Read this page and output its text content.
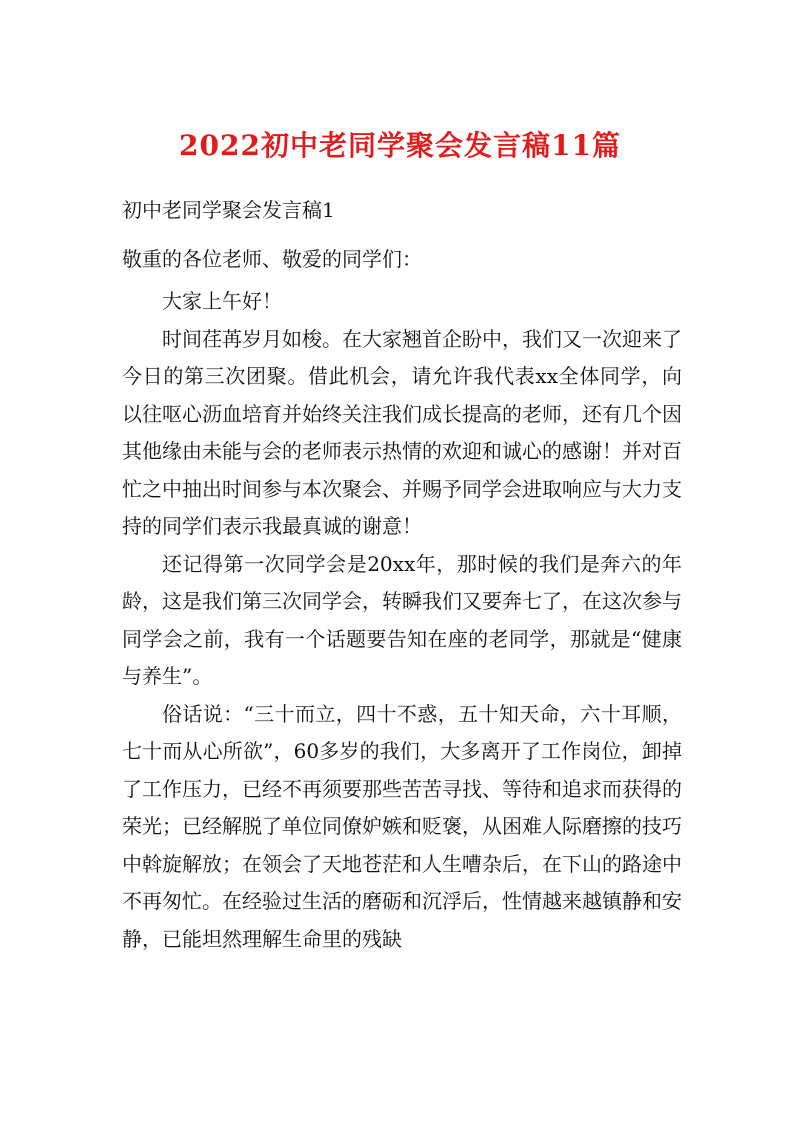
2022初中老同学聚会发言稿11篇
初中老同学聚会发言稿1
敬重的各位老师、敬爱的同学们：

大家上午好！

时间荏苒岁月如梭。在大家翘首企盼中，我们又一次迎来了今日的第三次团聚。借此机会，请允许我代表xx全体同学，向以往呕心沥血培育并始终关注我们成长提高的老师，还有几个因其他缘由未能与会的老师表示热情的欢迎和诚心的感谢！并对百忙之中抽出时间参与本次聚会、并赐予同学会进取响应与大力支持的同学们表示我最真诚的谢意！

还记得第一次同学会是20xx年，那时候的我们是奔六的年龄，这是我们第三次同学会，转瞬我们又要奔七了，在这次参与同学会之前，我有一个话题要告知在座的老同学，那就是“健康与养生”。

俗话说：“三十而立，四十不惑，五十知天命，六十耳顺，七十而从心所欲”，60多岁的我们，大多离开了工作岗位，卸掉了工作压力，已经不再须要那些苦苦寻找、等待和追求而获得的荣光；已经解脱了单位同僚妒嫉和贬褒，从困难人际磨擦的技巧中斡旋解放；在领会了天地苍茫和人生嘈杂后，在下山的路途中不再匆忙。在经验过生活的磨砺和沉浮后，性情越来越镇静和安静，已能坦然理解生命里的残缺
